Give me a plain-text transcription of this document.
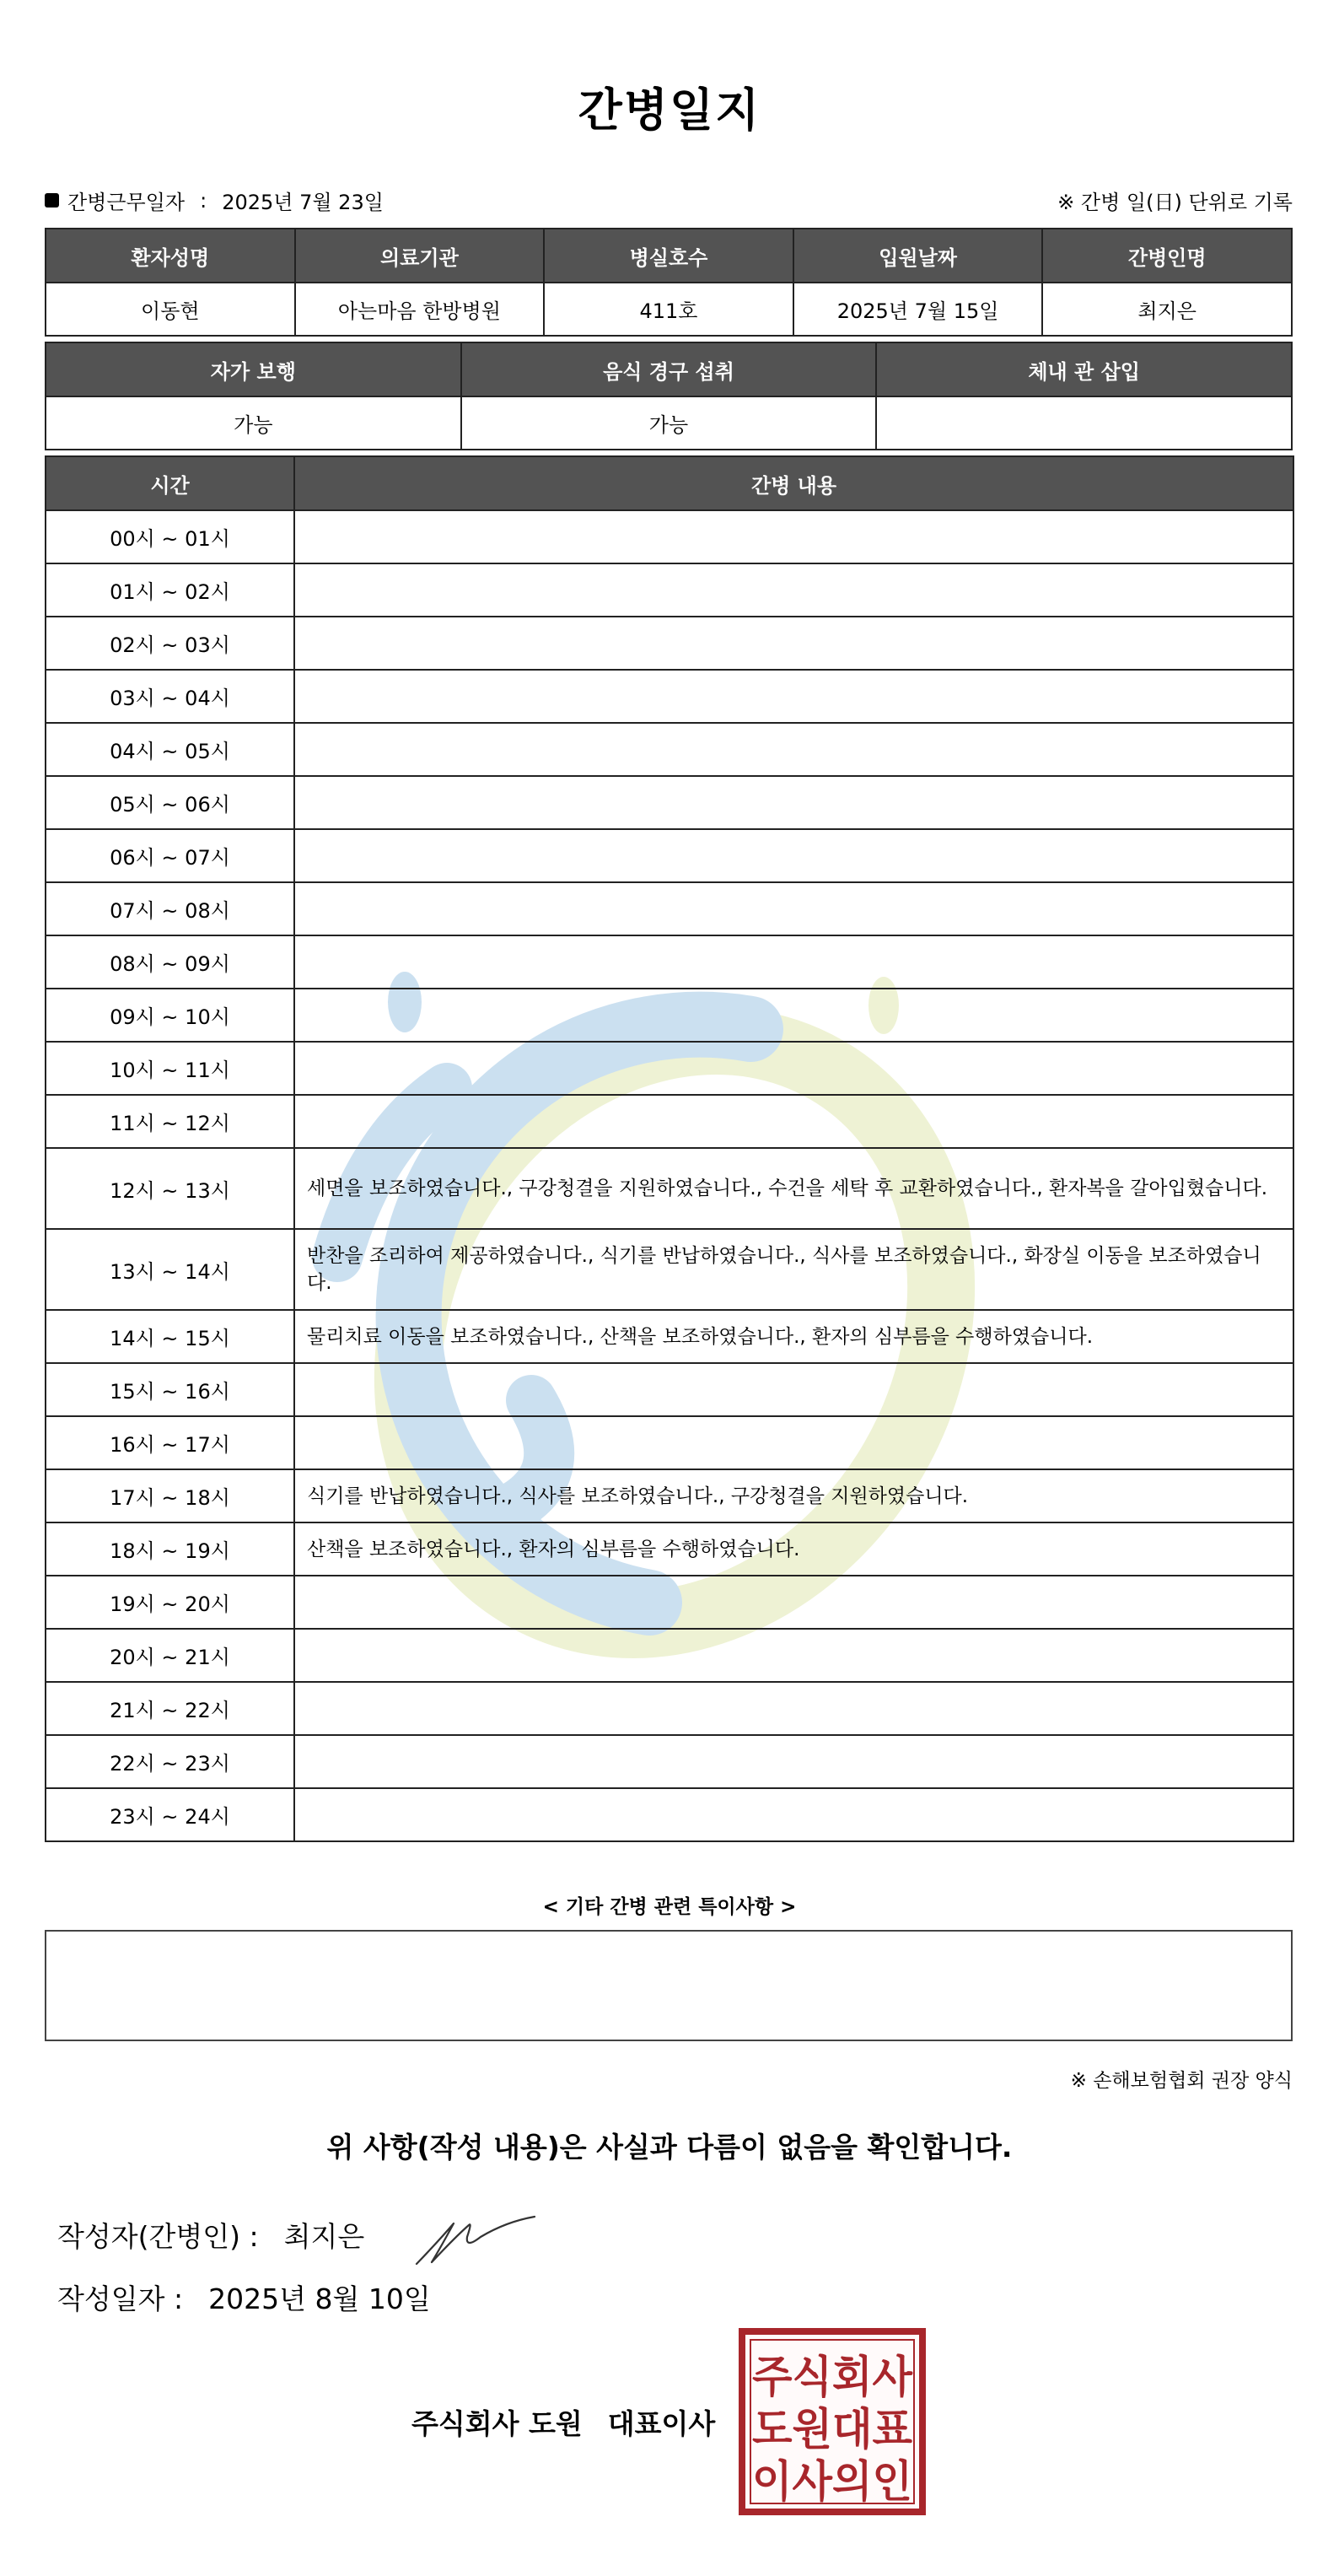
간병일지
간병근무일자 : 2025년 7월 23일	※ 간병 일(日) 단위로 기록
환자성명	의료기관	병실호수	입원날짜	간병인명
이동현	아는마음 한방병원	411호	2025년 7월 15일	최지은
자가 보행	음식 경구 섭취	체내 관 삽입
가능	가능	
시간	간병 내용
00시 ~ 01시	
01시 ~ 02시	
02시 ~ 03시	
03시 ~ 04시	
04시 ~ 05시	
05시 ~ 06시	
06시 ~ 07시	
07시 ~ 08시	
08시 ~ 09시	
09시 ~ 10시	
10시 ~ 11시	
11시 ~ 12시	
12시 ~ 13시	세면을 보조하였습니다., 구강청결을 지원하였습니다., 수건을 세탁 후 교환하였습니다., 환자복을 갈아입혔습니다.
13시 ~ 14시	반찬을 조리하여 제공하였습니다., 식기를 반납하였습니다., 식사를 보조하였습니다., 화장실 이동을 보조하였습니다.
14시 ~ 15시	물리치료 이동을 보조하였습니다., 산책을 보조하였습니다., 환자의 심부름을 수행하였습니다.
15시 ~ 16시	
16시 ~ 17시	
17시 ~ 18시	식기를 반납하였습니다., 식사를 보조하였습니다., 구강청결을 지원하였습니다.
18시 ~ 19시	산책을 보조하였습니다., 환자의 심부름을 수행하였습니다.
19시 ~ 20시	
20시 ~ 21시	
21시 ~ 22시	
22시 ~ 23시	
23시 ~ 24시	
< 기타 간병 관련 특이사항 >
※ 손해보험협회 권장 양식
위 사항(작성 내용)은 사실과 다름이 없음을 확인합니다.
작성자(간병인) : 최지은
작성일자 : 2025년 8월 10일
주식회사 도원 대표이사
주식회사
도원대표
이사의인
